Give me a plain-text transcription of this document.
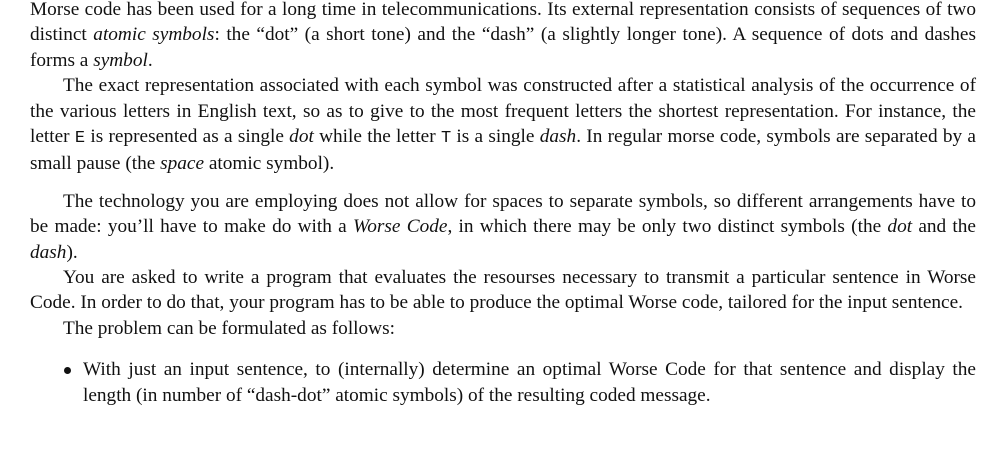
Morse code has been used for a long time in telecommunications. Its external representation consists of sequences of two distinct atomic symbols: the “dot” (a short tone) and the “dash” (a slightly longer tone). A sequence of dots and dashes forms a symbol.

The exact representation associated with each symbol was constructed after a statistical analysis of the occurrence of the various letters in English text, so as to give to the most frequent letters the shortest representation. For instance, the letter E is represented as a single dot while the letter T is a single dash. In regular morse code, symbols are separated by a small pause (the space atomic symbol).

The technology you are employing does not allow for spaces to separate symbols, so different arrangements have to be made: you’ll have to make do with a Worse Code, in which there may be only two distinct symbols (the dot and the dash).

You are asked to write a program that evaluates the resourses necessary to transmit a particular sentence in Worse Code. In order to do that, your program has to be able to produce the optimal Worse code, tailored for the input sentence.

The problem can be formulated as follows:

With just an input sentence, to (internally) determine an optimal Worse Code for that sentence and display the length (in number of “dash-dot” atomic symbols) of the resulting coded message.
